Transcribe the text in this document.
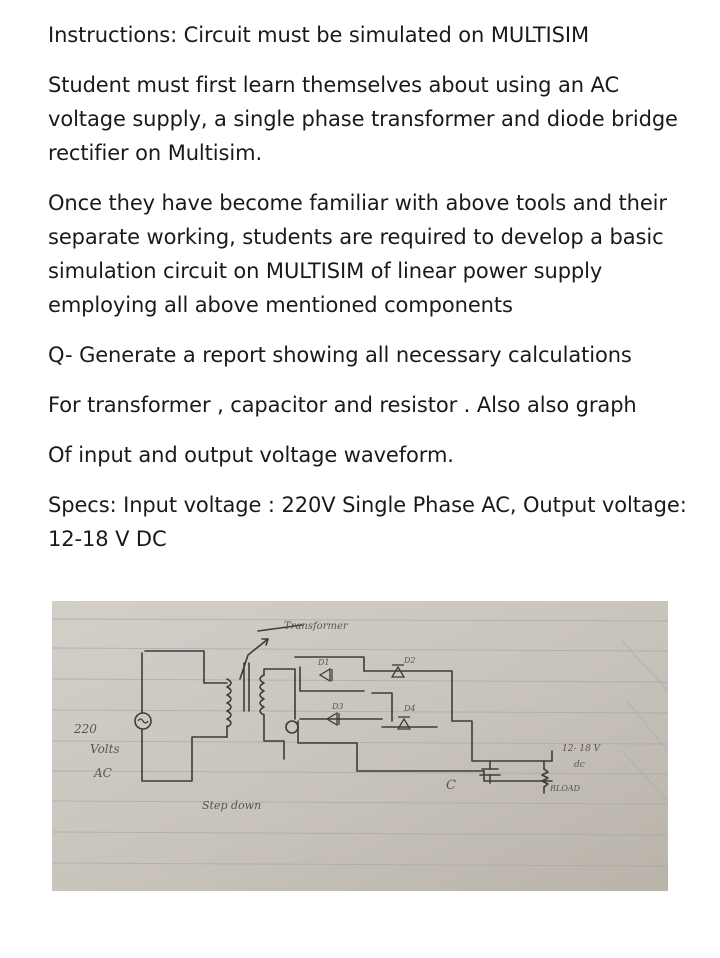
Instructions: Circuit must be simulated on MULTISIM

Student must first learn themselves about using an AC voltage supply, a single phase transformer and diode bridge rectifier on Multisim.

Once they have become familiar with above tools and their separate working, students are required to develop a basic simulation circuit on MULTISIM of linear power supply employing all above mentioned components

Q- Generate a report showing all necessary calculations

For transformer , capacitor and resistor . Also also graph

Of input and output voltage waveform.

Specs: Input voltage : 220V Single Phase AC, Output voltage: 12-18 V DC

220
Volts
AC
Transformer
Step down
D1	D2
D3	D4
C
12- 18 V
dc
RLOAD
